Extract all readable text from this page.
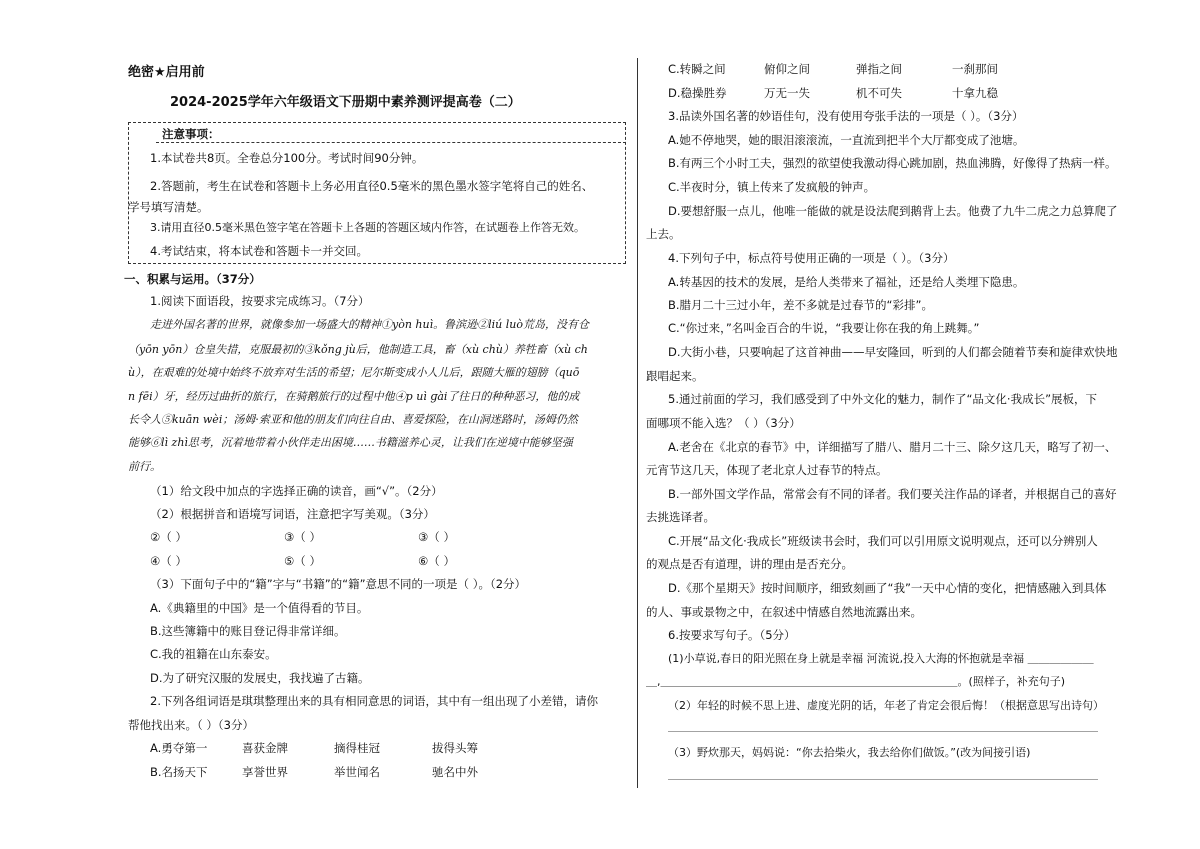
绝密★启用前
2024-2025学年六年级语文下册期中素养测评提高卷（二）
注意事项：
1.本试卷共8页。全卷总分100分。考试时间90分钟。
2.答题前，考生在试卷和答题卡上务必用直径0.5毫米的黑色墨水签字笔将自己的姓名、
学号填写清楚。
3.请用直径0.5毫米黑色签字笔在答题卡上各题的答题区域内作答，在试题卷上作答无效。
4.考试结束，将本试卷和答题卡一并交回。
一、积累与运用。（37分）
1.阅读下面语段，按要求完成练习。（7分）
走进外国名著的世界，就像参加一场盛大的精神①yòn huì。鲁滨逊②liú luò荒岛，没有仓
（yōn yōn）仓皇失措，克服最初的③kǒng jù后，他制造工具，畜（xù chù）养牲畜（xù ch
ù），在艰难的处境中始终不放弃对生活的希望；尼尔斯变成小人儿后，跟随大雁的翅膀（quō
n fēi）牙，经历过曲折的旅行，在骑鹅旅行的过程中他④p uì ɡài了往日的种种恶习，他的成
长令人⑤kuān wèi；汤姆·索亚和他的朋友们向往自由、喜爱探险，在山洞迷路时，汤姆仍然
能够⑥lì zhì思考，沉着地带着小伙伴走出困境……书籍滋养心灵，让我们在逆境中能够坚强
前行。
（1）给文段中加点的字选择正确的读音，画“√”。（2分）
（2）根据拼音和语境写词语，注意把字写美观。（3分）
②（ ）	③（ ）	③（ ）
④（ ）	⑤（ ）	⑥（ ）
（3）下面句子中的“籍”字与“书籍”的“籍”意思不同的一项是（ ）。（2分）
A.《典籍里的中国》是一个值得看的节目。
B.这些簿籍中的账目登记得非常详细。
C.我的祖籍在山东泰安。
D.为了研究汉服的发展史，我找遍了古籍。
2.下列各组词语是琪琪整理出来的具有相同意思的词语，其中有一组出现了小差错，请你
帮他找出来。（ ）（3分）
A.勇夺第一	喜获金牌	摘得桂冠	拔得头筹
B.名扬天下	享誉世界	举世闻名	驰名中外
C.转瞬之间	俯仰之间	弹指之间	一刹那间
D.稳操胜券	万无一失	机不可失	十拿九稳
3.品读外国名著的妙语佳句，没有使用夸张手法的一项是（ ）。（3分）
A.她不停地哭，她的眼泪滚滚流，一直流到把半个大厅都变成了池塘。
B.有两三个小时工夫，强烈的欲望使我激动得心跳加剧，热血沸腾，好像得了热病一样。
C.半夜时分，镇上传来了发疯般的钟声。
D.要想舒服一点儿，他唯一能做的就是设法爬到鹅背上去。他费了九牛二虎之力总算爬了
上去。
4.下列句子中，标点符号使用正确的一项是（ ）。（3分）
A.转基因的技术的发展，是给人类带来了福祉，还是给人类埋下隐患。
B.腊月二十三过小年，差不多就是过春节的“彩排”。
C.“你过来，”名叫金百合的牛说，“我要让你在我的角上跳舞。”
D.大街小巷，只要响起了这首神曲——早安隆回，听到的人们都会随着节奏和旋律欢快地
跟唱起来。
5.通过前面的学习，我们感受到了中外文化的魅力，制作了“品文化·我成长”展板，下
面哪项不能入选？（ ）（3分）
A.老舍在《北京的春节》中，详细描写了腊八、腊月二十三、除夕这几天，略写了初一、
元宵节这几天，体现了老北京人过春节的特点。
B.一部外国文学作品，常常会有不同的译者。我们要关注作品的译者，并根据自己的喜好
去挑选译者。
C.开展“品文化·我成长”班级读书会时，我们可以引用原文说明观点，还可以分辨别人
的观点是否有道理，讲的理由是否充分。
D.《那个星期天》按时间顺序，细致刻画了“我”一天中心情的变化，把情感融入到具体
的人、事或景物之中，在叙述中情感自然地流露出来。
6.按要求写句子。（5分）
(1)小草说,春日的阳光照在身上就是幸福 河流说,投入大海的怀抱就是幸福 ＿＿＿＿＿＿
＿,＿＿＿＿＿＿＿＿＿＿＿＿＿＿＿＿＿＿＿＿＿＿＿＿＿＿＿。(照样子，补充句子)
（2）年轻的时候不思上进、虚度光阴的话，年老了肯定会很后悔！（根据意思写出诗句）
＿＿＿＿＿＿＿＿＿＿＿＿＿＿＿＿＿＿＿＿＿＿＿＿＿＿＿＿＿＿＿＿＿＿＿＿＿＿＿＿＿＿＿
（3）野炊那天，妈妈说：“你去拾柴火，我去给你们做饭。”(改为间接引语)
＿＿＿＿＿＿＿＿＿＿＿＿＿＿＿＿＿＿＿＿＿＿＿＿＿＿＿＿＿＿＿＿＿＿＿＿＿＿＿＿＿＿＿
